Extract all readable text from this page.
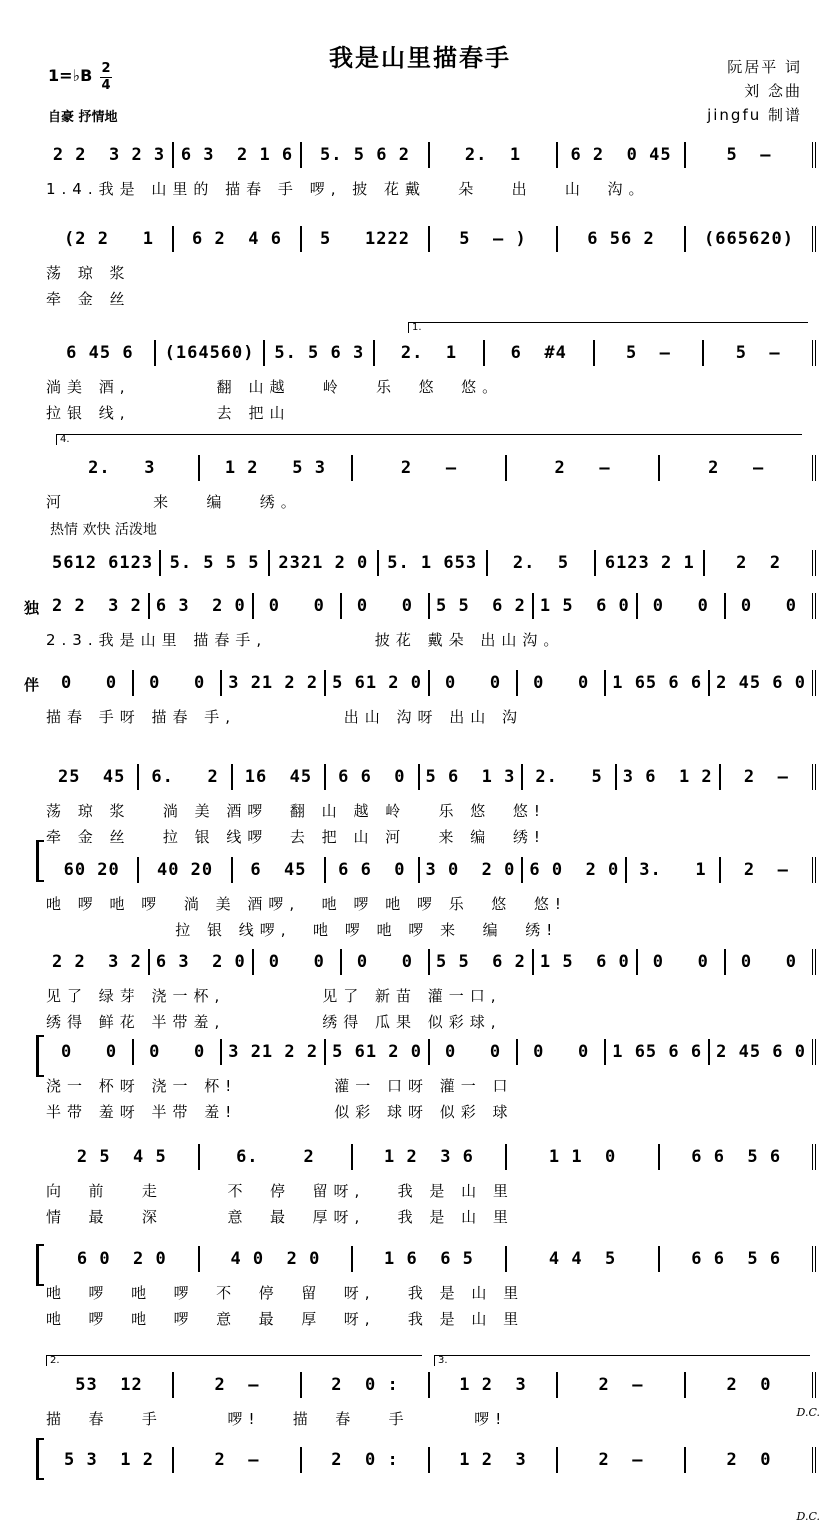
我是山里描春手	阮居平 词
刘 念曲
jingfu 制谱
1=♭B 2
4
自豪 抒情地
热情 欢快 活泼地
独
伴
1.
4.
2.	3.
D.C.
D.C.
2 2  3 2 3 6 3  2 1 6	5. 5 6 2	2.  1	6 2  0 45	5  –
1.4.我是 山里的 描春 手 啰, 披 花戴   朵   出   山  沟。
(2 2   1	6 2  4 6	5   1222	5  – )	6 56 2	(665620)
荡 琼 浆
牵 金 丝
6 45 6	(164560)	5. 5 6 3	2.  1	6  #4	5  –	5  –
淌美 酒,        翻 山越   岭   乐  悠  悠。
拉银 线,        去 把山
2.   3	1 2   5 3	2   –	2   –	2   –
河        来   编   绣。
5612 6123 5. 5 5 5	2321 2 0	5. 1 653	2.  5	6123 2 1	2  2
2 2  3 2 6 3  2 0	0   0	0   0	5 5  6 2 1 5  6 0	0   0	0   0
2.3.我是山里 描春手,          披花 戴朵 出山沟。
0   0	0   0	3 21 2 2 5 61 2 0	0   0	0   0	1 65 6 6 2 45 6 0
描春 手呀 描春 手,          出山 沟呀 出山 沟
25  45	6.   2	16  45	6 6  0	5 6  1 3	2.   5	3 6  1 2	2  –
荡 琼 浆   淌 美 酒啰  翻 山 越 岭   乐 悠  悠!
牵 金 丝   拉 银 线啰  去 把 山 河   来 编  绣!
60 20	40 20	6  45	6 6  0	3 0  2 0 6 0  2 0	3.   1	2  –
吔 啰 吔 啰  淌 美 酒啰,  吔 啰 吔 啰 乐  悠  悠!
拉 银 线啰,  吔 啰 吔 啰 来  编  绣!
2 2  3 2 6 3  2 0	0   0	0   0	5 5  6 2 1 5  6 0	0   0	0   0
见了 绿芽 浇一杯,         见了 新苗 灌一口,
绣得 鲜花 半带羞,         绣得 瓜果 似彩球,
0   0	0   0	3 21 2 2 5 61 2 0	0   0	0   0	1 65 6 6 2 45 6 0
浇一 杯呀 浇一 杯!         灌一 口呀 灌一 口
半带 羞呀 半带 羞!         似彩 球呀 似彩 球
2 5  4 5	6.    2	1 2  3 6	1 1  0	6 6  5 6
向  前   走      不  停  留呀,   我 是 山 里
情  最   深      意  最  厚呀,   我 是 山 里
6 0  2 0	4 0  2 0	1 6  6 5	4 4  5	6 6  5 6
吔  啰  吔  啰  不  停  留  呀,   我 是 山 里
吔  啰  吔  啰  意  最  厚  呀,   我 是 山 里
53  12	2  –	2  0 :	1 2  3	2  –	2  0
描  春   手      啰!   描  春   手      啰!
5 3  1 2	2  –	2  0 :	1 2  3	2  –	2  0
